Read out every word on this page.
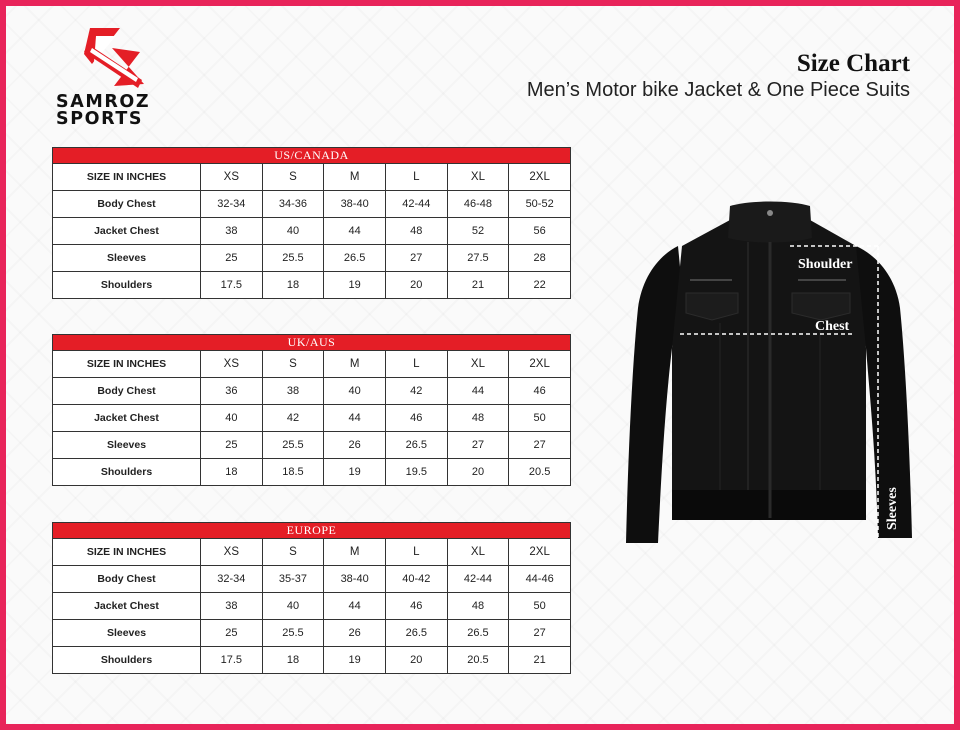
SAMROZ
SPORTS
Size Chart
Men’s Motor bike Jacket & One Piece Suits
US/CANADA						
SIZE IN INCHES	XS	S	M	L	XL	2XL
Body Chest	32-34	34-36	38-40	42-44	46-48	50-52
Jacket Chest	38	40	44	48	52	56
Sleeves	25	25.5	26.5	27	27.5	28
Shoulders	17.5	18	19	20	21	22
UK/AUS						
SIZE IN INCHES	XS	S	M	L	XL	2XL
Body Chest	36	38	40	42	44	46
Jacket Chest	40	42	44	46	48	50
Sleeves	25	25.5	26	26.5	27	27
Shoulders	18	18.5	19	19.5	20	20.5
EUROPE						
SIZE IN INCHES	XS	S	M	L	XL	2XL
Body Chest	32-34	35-37	38-40	40-42	42-44	44-46
Jacket Chest	38	40	44	46	48	50
Sleeves	25	25.5	26	26.5	26.5	27
Shoulders	17.5	18	19	20	20.5	21
Shoulder
Chest
Sleeves
